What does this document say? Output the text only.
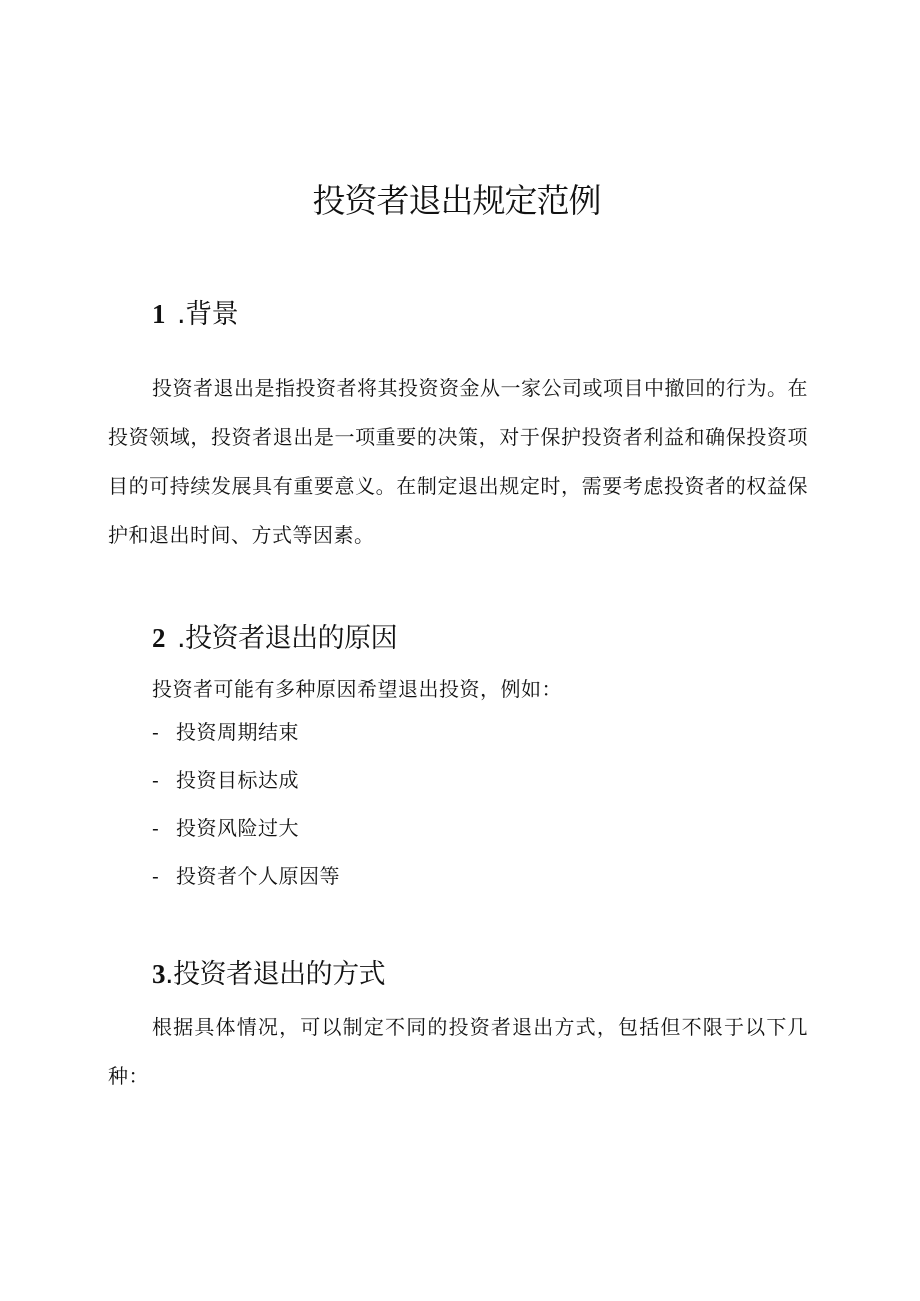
投资者退出规定范例
1 .背景

投资者退出是指投资者将其投资资金从一家公司或项目中撤回的行为。在投资领域，投资者退出是一项重要的决策，对于保护投资者利益和确保投资项目的可持续发展具有重要意义。在制定退出规定时，需要考虑投资者的权益保护和退出时间、方式等因素。

2 .投资者退出的原因

投资者可能有多种原因希望退出投资，例如：

- 投资周期结束

- 投资目标达成

- 投资风险过大

- 投资者个人原因等

3.投资者退出的方式

根据具体情况，可以制定不同的投资者退出方式，包括但不限于以下几种：
